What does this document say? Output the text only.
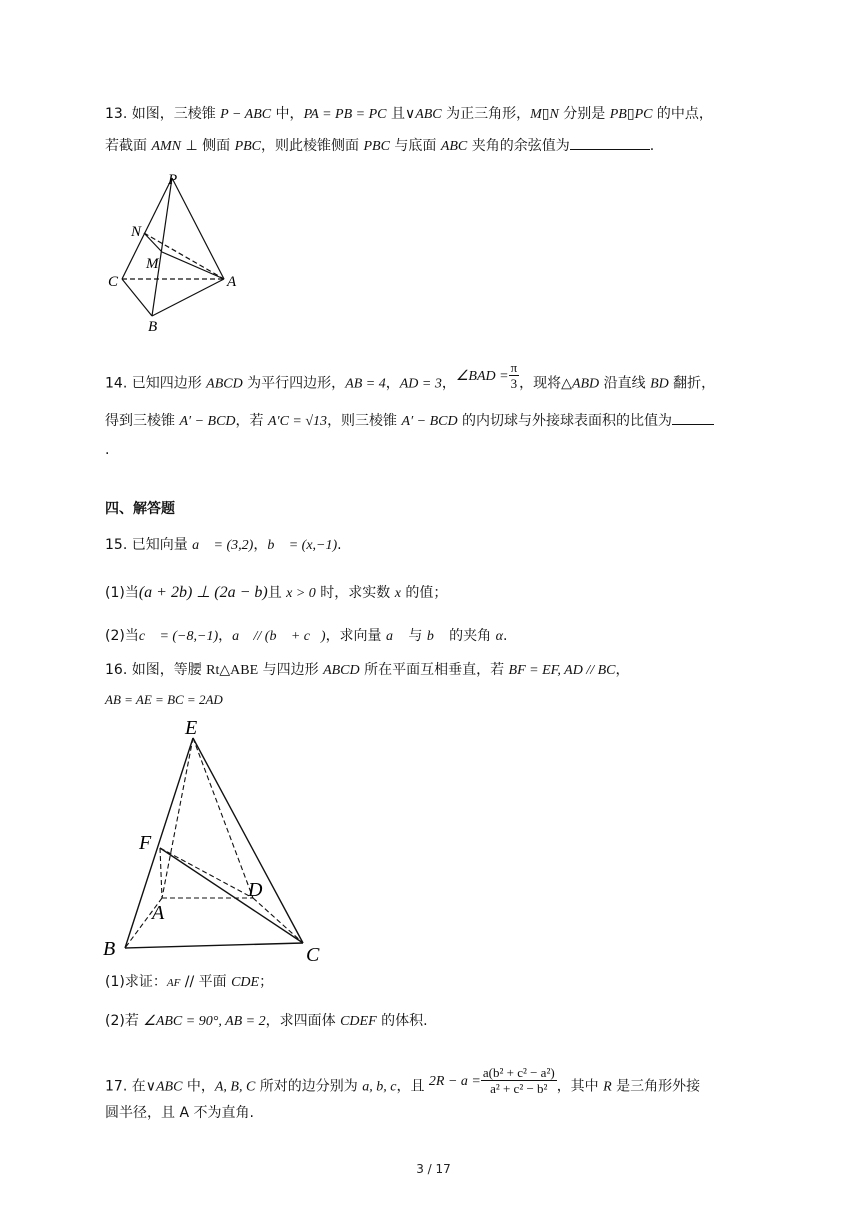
13. 如图，三棱锥 P − ABC 中，PA = PB = PC 且∨ABC 为正三角形，M▯N 分别是 PB▯PC 的中点，
若截面 AMN ⊥ 侧面 PBC，则此棱锥侧面 PBC 与底面 ABC 夹角的余弦值为	.
P
N
M
C	A
B
14. 已知四边形 ABCD 为平行四边形，AB = 4，AD = 3，∠BAD = $\frac{\pi}{3}$ ，现将△ABD 沿直线 BD 翻折，
得到三棱锥 A′ − BCD，若 A′C = √13，则三棱锥 A′ − BCD 的内切球与外接球表面积的比值为
.
四、解答题
15. 已知向量 a⃗ = (3,2)，b⃗ = (x,−1).
(1)当(a + 2b) ⊥ (2a − b)且 x > 0 时，求实数 x 的值；
(2)当c⃗ = (−8,−1)，a⃗ // (b⃗ + c⃗)，求向量 a⃗ 与 b⃗ 的夹角 α.
16. 如图，等腰 Rt△ABE 与四边形 ABCD 所在平面互相垂直，若 BF = EF, AD // BC，
AB = AE = BC = 2AD
E
F
D
A
B	C
(1)求证：AF // 平面 CDE；
(2)若 ∠ABC = 90°, AB = 2，求四面体 CDEF 的体积.
17. 在∨ABC 中，A, B, C 所对的边分别为 a, b, c，且 $2R - a = \frac{\text{a(b² + c² − a²)}}{\text{a² + c² − b²}}$ ，其中 R 是三角形外接
圆半径，且 A 不为直角.
3 / 17
